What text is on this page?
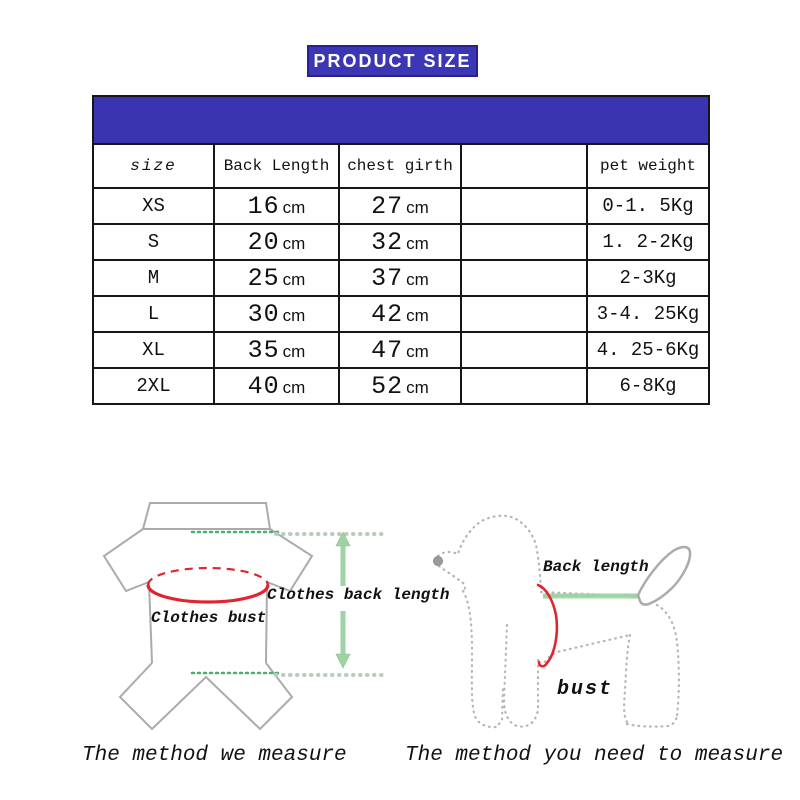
PRODUCT SIZE

size	Back Length	chest girth		pet weight
XS	16 cm	27 cm		0-1. 5Kg
S	20 cm	32 cm		1. 2-2Kg
M	25 cm	37 cm		2-3Kg
L	30 cm	42 cm		3-4. 25Kg
XL	35 cm	47 cm		4. 25-6Kg
2XL	40 cm	52 cm		6-8Kg
Clothes back length
Clothes bust
Back length
bust
The method we measure	The method you need to measure
